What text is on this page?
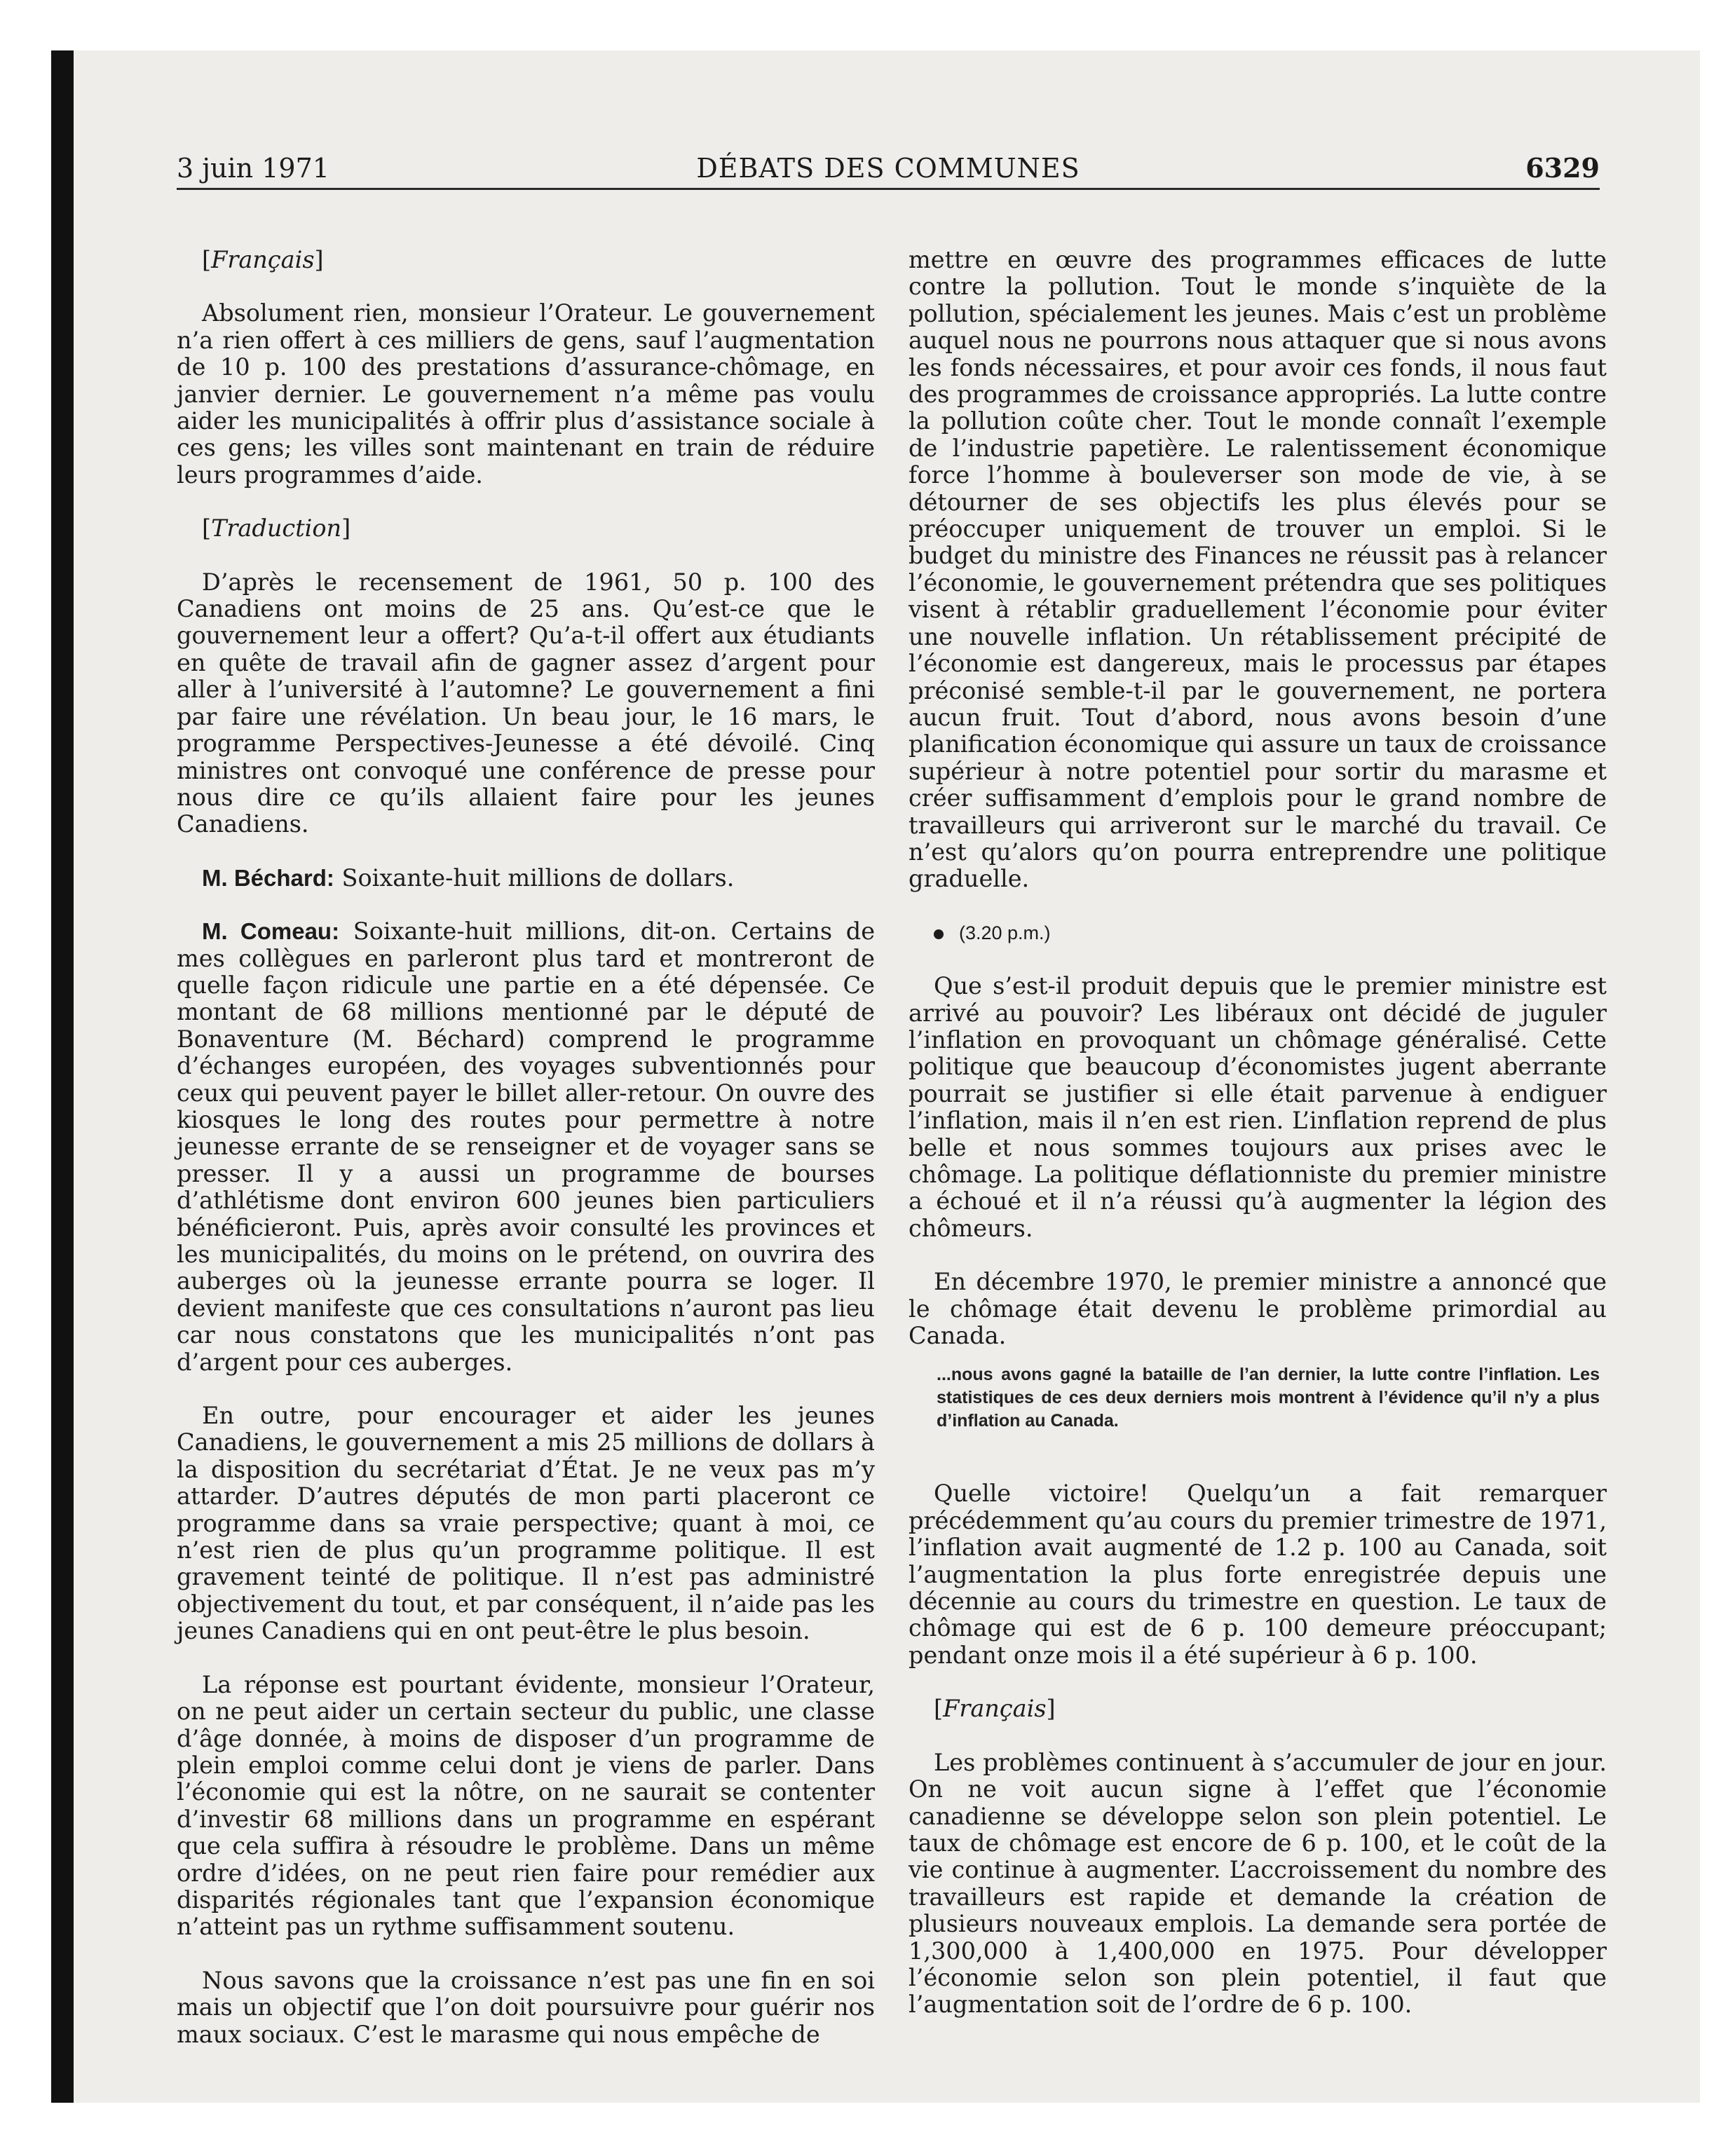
3 juin 1971	DÉBATS DES COMMUNES	6329

[Français]

Absolument rien, monsieur l’Orateur. Le gouvernement n’a rien offert à ces milliers de gens, sauf l’augmentation de 10 p. 100 des prestations d’assurance-chômage, en janvier dernier. Le gouvernement n’a même pas voulu aider les municipalités à offrir plus d’assistance sociale à ces gens; les villes sont maintenant en train de réduire leurs programmes d’aide.

[Traduction]

D’après le recensement de 1961, 50 p. 100 des Canadiens ont moins de 25 ans. Qu’est-ce que le gouvernement leur a offert? Qu’a-t-il offert aux étudiants en quête de travail afin de gagner assez d’argent pour aller à l’université à l’automne? Le gouvernement a fini par faire une révélation. Un beau jour, le 16 mars, le programme Perspectives-Jeunesse a été dévoilé. Cinq ministres ont convoqué une conférence de presse pour nous dire ce qu’ils allaient faire pour les jeunes Canadiens.

M. Béchard: Soixante-huit millions de dollars.

M. Comeau: Soixante-huit millions, dit-on. Certains de mes collègues en parleront plus tard et montreront de quelle façon ridicule une partie en a été dépensée. Ce montant de 68 millions mentionné par le député de Bonaventure (M. Béchard) comprend le programme d’échanges européen, des voyages subventionnés pour ceux qui peuvent payer le billet aller-retour. On ouvre des kiosques le long des routes pour permettre à notre jeunesse errante de se renseigner et de voyager sans se presser. Il y a aussi un programme de bourses d’athlétisme dont environ 600 jeunes bien particuliers bénéficieront. Puis, après avoir consulté les provinces et les municipalités, du moins on le prétend, on ouvrira des auberges où la jeunesse errante pourra se loger. Il devient manifeste que ces consultations n’auront pas lieu car nous constatons que les municipalités n’ont pas d’argent pour ces auberges.

En outre, pour encourager et aider les jeunes Canadiens, le gouvernement a mis 25 millions de dollars à la disposition du secrétariat d’État. Je ne veux pas m’y attarder. D’autres députés de mon parti placeront ce programme dans sa vraie perspective; quant à moi, ce n’est rien de plus qu’un programme politique. Il est gravement teinté de politique. Il n’est pas administré objectivement du tout, et par conséquent, il n’aide pas les jeunes Canadiens qui en ont peut-être le plus besoin.

La réponse est pourtant évidente, monsieur l’Orateur, on ne peut aider un certain secteur du public, une classe d’âge donnée, à moins de disposer d’un programme de plein emploi comme celui dont je viens de parler. Dans l’économie qui est la nôtre, on ne saurait se contenter d’investir 68 millions dans un programme en espérant que cela suffira à résoudre le problème. Dans un même ordre d’idées, on ne peut rien faire pour remédier aux disparités régionales tant que l’expansion économique n’atteint pas un rythme suffisamment soutenu.

Nous savons que la croissance n’est pas une fin en soi mais un objectif que l’on doit poursuivre pour guérir nos maux sociaux. C’est le marasme qui nous empêche de

mettre en œuvre des programmes efficaces de lutte contre la pollution. Tout le monde s’inquiète de la pollution, spécialement les jeunes. Mais c’est un problème auquel nous ne pourrons nous attaquer que si nous avons les fonds nécessaires, et pour avoir ces fonds, il nous faut des programmes de croissance appropriés. La lutte contre la pollution coûte cher. Tout le monde connaît l’exemple de l’industrie papetière. Le ralentissement économique force l’homme à bouleverser son mode de vie, à se détourner de ses objectifs les plus élevés pour se préoccuper uniquement de trouver un emploi. Si le budget du ministre des Finances ne réussit pas à relancer l’économie, le gouvernement prétendra que ses politiques visent à rétablir graduellement l’économie pour éviter une nouvelle inflation. Un rétablissement précipité de l’économie est dangereux, mais le processus par étapes préconisé semble-t-il par le gouvernement, ne portera aucun fruit. Tout d’abord, nous avons besoin d’une planification économique qui assure un taux de croissance supérieur à notre potentiel pour sortir du marasme et créer suffisamment d’emplois pour le grand nombre de travailleurs qui arriveront sur le marché du travail. Ce n’est qu’alors qu’on pourra entreprendre une politique graduelle.

(3.20 p.m.)

Que s’est-il produit depuis que le premier ministre est arrivé au pouvoir? Les libéraux ont décidé de juguler l’inflation en provoquant un chômage généralisé. Cette politique que beaucoup d’économistes jugent aberrante pourrait se justifier si elle était parvenue à endiguer l’inflation, mais il n’en est rien. L’inflation reprend de plus belle et nous sommes toujours aux prises avec le chômage. La politique déflationniste du premier ministre a échoué et il n’a réussi qu’à augmenter la légion des chômeurs.

En décembre 1970, le premier ministre a annoncé que le chômage était devenu le problème primordial au Canada.

...nous avons gagné la bataille de l’an dernier, la lutte contre l’inflation. Les statistiques de ces deux derniers mois montrent à l’évidence qu’il n’y a plus d’inflation au Canada.

Quelle victoire! Quelqu’un a fait remarquer précédemment qu’au cours du premier trimestre de 1971, l’inflation avait augmenté de 1.2 p. 100 au Canada, soit l’augmentation la plus forte enregistrée depuis une décennie au cours du trimestre en question. Le taux de chômage qui est de 6 p. 100 demeure préoccupant; pendant onze mois il a été supérieur à 6 p. 100.

[Français]

Les problèmes continuent à s’accumuler de jour en jour. On ne voit aucun signe à l’effet que l’économie canadienne se développe selon son plein potentiel. Le taux de chômage est encore de 6 p. 100, et le coût de la vie continue à augmenter. L’accroissement du nombre des travailleurs est rapide et demande la création de plusieurs nouveaux emplois. La demande sera portée de 1,300,000 à 1,400,000 en 1975. Pour développer l’économie selon son plein potentiel, il faut que l’augmentation soit de l’ordre de 6 p. 100.
